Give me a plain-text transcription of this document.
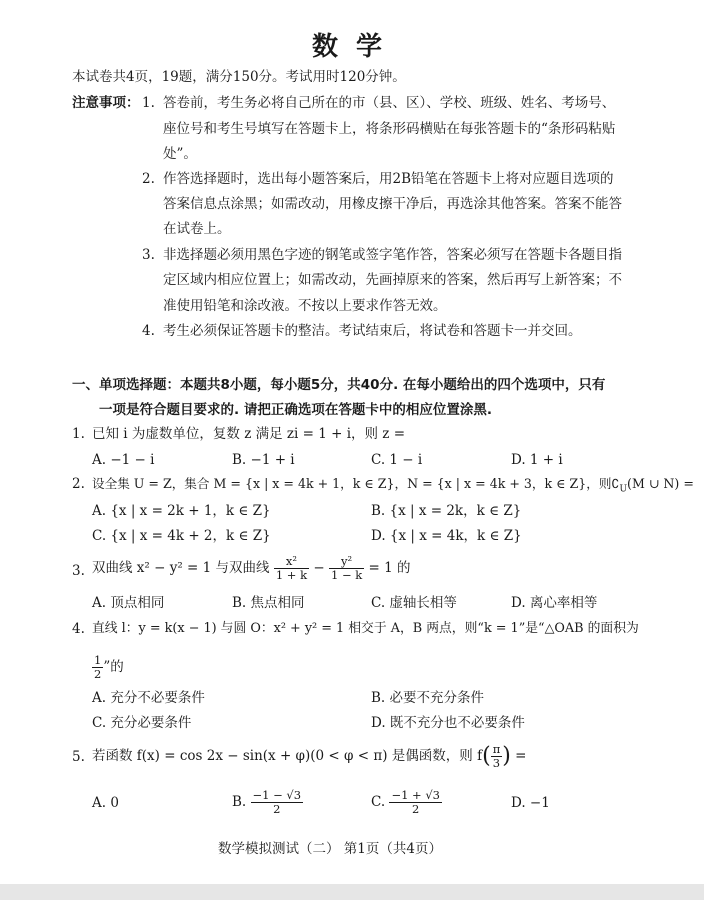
数学
本试卷共4页，19题，满分150分。考试用时120分钟。
注意事项： 1. 答卷前，考生务必将自己所在的市（县、区）、学校、班级、姓名、考场号、
座位号和考生号填写在答题卡上，将条形码横贴在每张答题卡的“条形码粘贴
处”。
2. 作答选择题时，选出每小题答案后，用2B铅笔在答题卡上将对应题目选项的
答案信息点涂黑；如需改动，用橡皮擦干净后，再选涂其他答案。答案不能答
在试卷上。
3. 非选择题必须用黑色字迹的钢笔或签字笔作答，答案必须写在答题卡各题目指
定区域内相应位置上；如需改动，先画掉原来的答案，然后再写上新答案；不
准使用铅笔和涂改液。不按以上要求作答无效。
4. 考生必须保证答题卡的整洁。考试结束后，将试卷和答题卡一并交回。
一、单项选择题：本题共8小题，每小题5分，共40分. 在每小题给出的四个选项中，只有
一项是符合题目要求的. 请把正确选项在答题卡中的相应位置涂黑.
1. 已知 i 为虚数单位，复数 z 满足 zi = 1 + i，则 z =
A. −1 − i	B. −1 + i	C. 1 − i	D. 1 + i
2. 设全集 U = Z，集合 M = {x | x = 4k + 1，k ∈ Z}，N = {x | x = 4k + 3，k ∈ Z}，则$∁_U(M$ ∪ N) =
A. {x | x = 2k + 1，k ∈ Z}	B. {x | x = 2k，k ∈ Z}
C. {x | x = 4k + 2，k ∈ Z}	D. {x | x = 4k，k ∈ Z}
3. 双曲线 x² − y² = 1 与双曲线 $\frac{\text{x²}}{1 + k} - \frac{\text{y²}}{1 - k} = 1$ 的
A. 顶点相同	B. 焦点相同	C. 虚轴长相等	D. 离心率相等
4. 直线 l：y = k(x − 1) 与圆 O：x² + y² = 1 相交于 A，B 两点，则“k = 1”是“△OAB 的面积为
$\frac{1}{2}$ ”的
A. 充分不必要条件	B. 必要不充分条件
C. 充分必要条件	D. 既不充分也不必要条件
5. 若函数 f(x) = cos 2x − sin(x + φ)(0 < φ < π) 是偶函数，则 $f( \frac{\pi}{3}$ ) =
A. 0	B. $\frac{-1 - √3}{2}$	C. $\frac{-1 + √3}{2}$	D. −1
数学模拟测试（二） 第1页（共4页）
